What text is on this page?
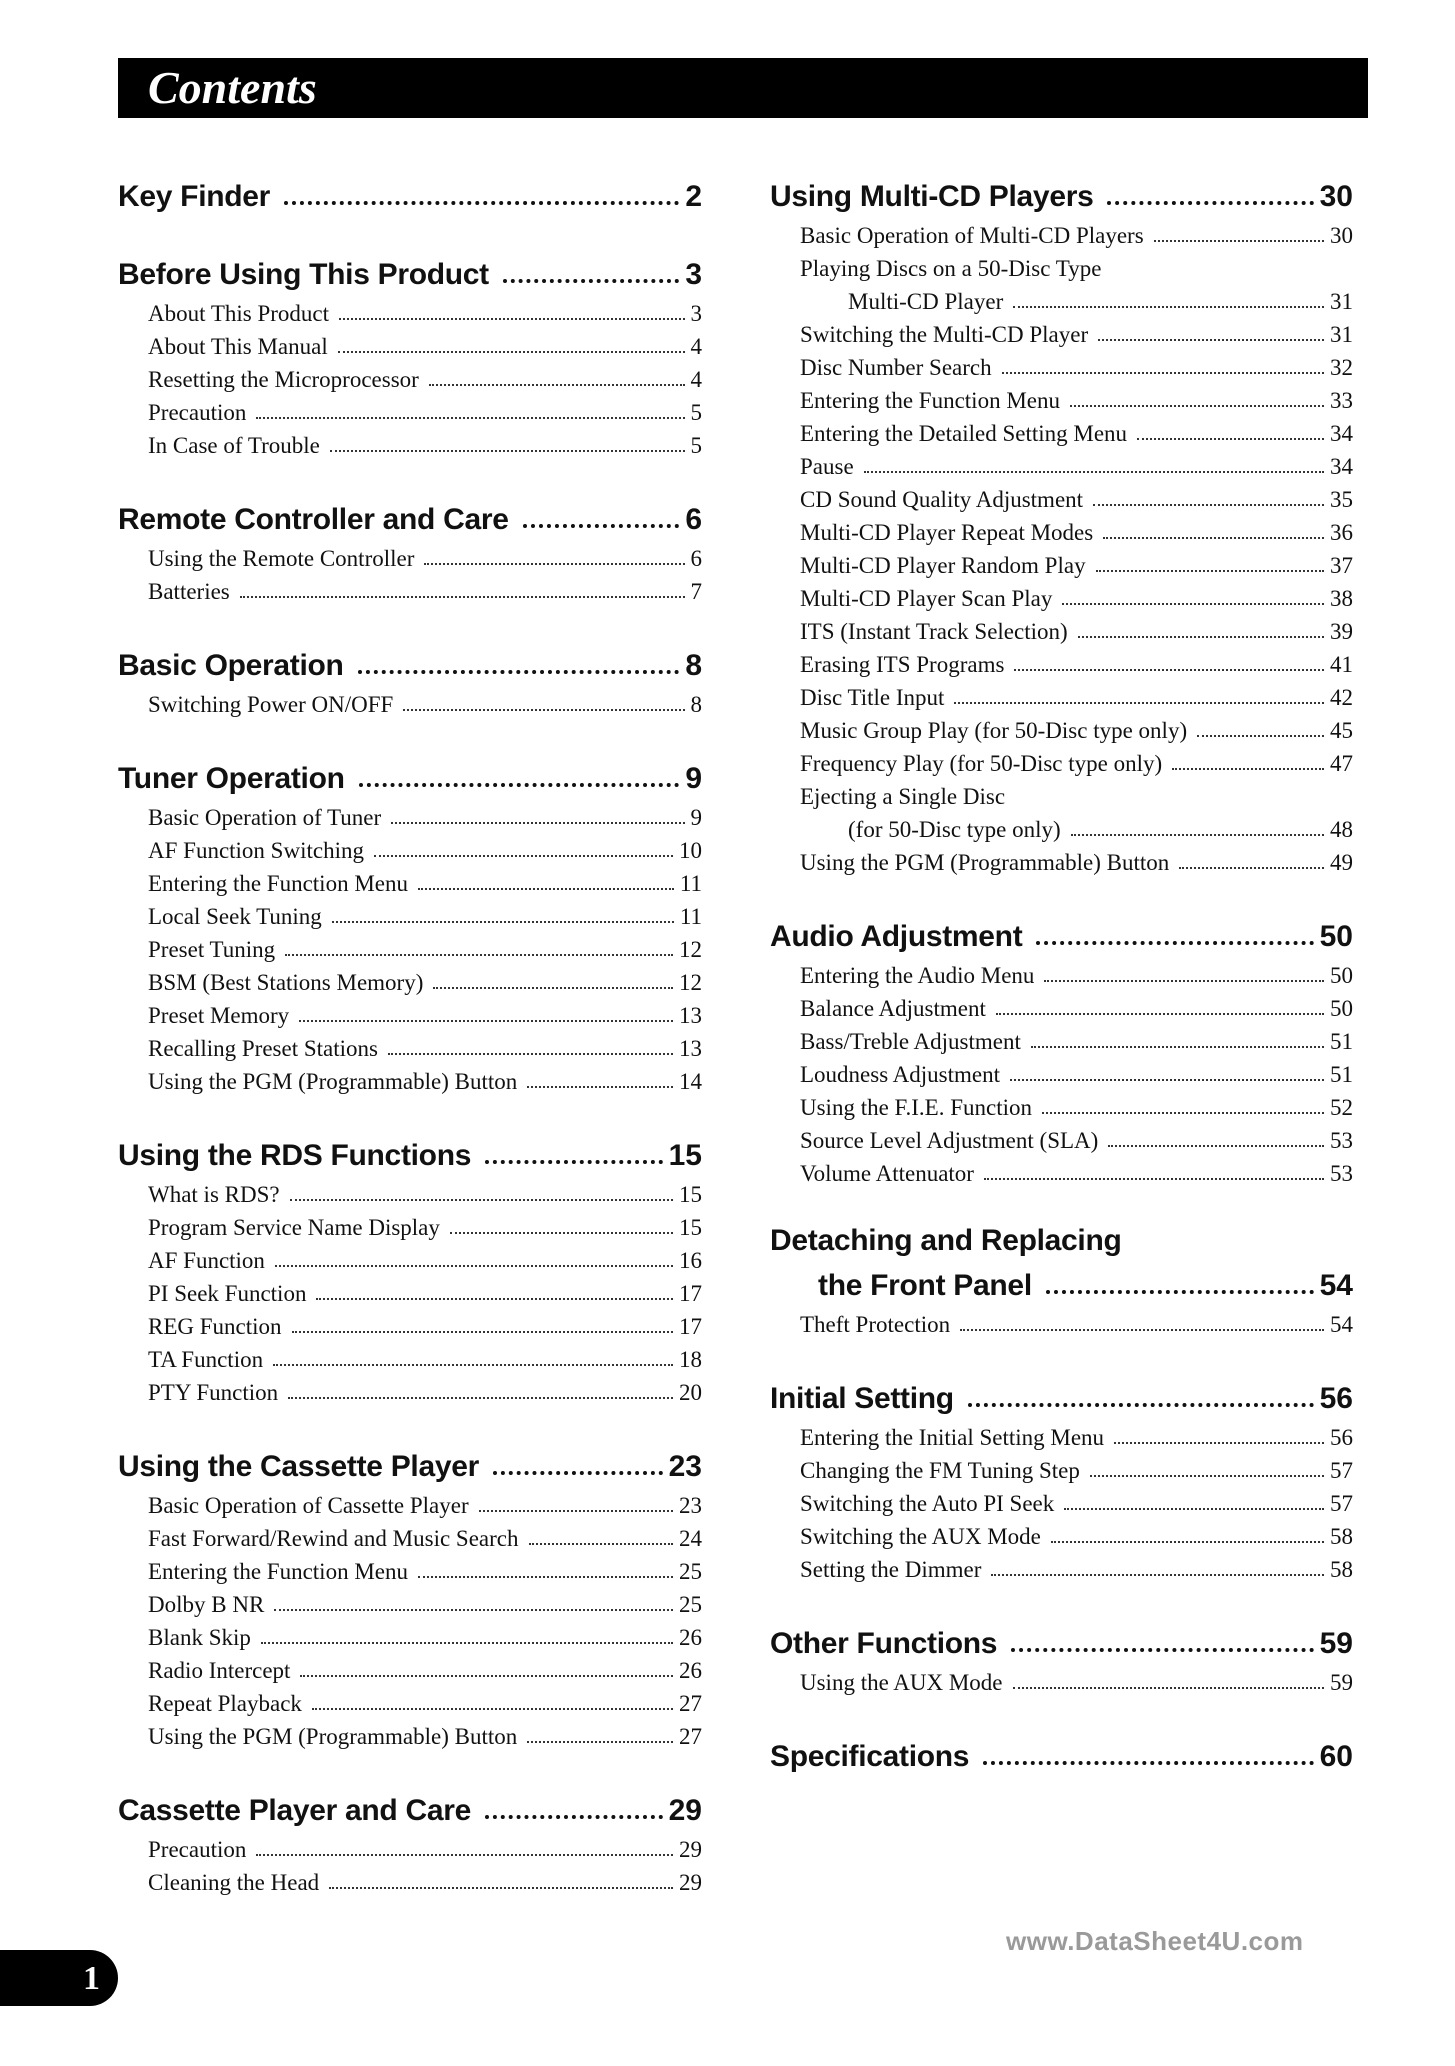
Contents
Key Finder	2
Before Using This Product	3
About This Product	3
About This Manual	4
Resetting the Microprocessor	4
Precaution	5
In Case of Trouble	5
Remote Controller and Care	6
Using the Remote Controller	6
Batteries	7
Basic Operation	8
Switching Power ON/OFF	8
Tuner Operation	9
Basic Operation of Tuner	9
AF Function Switching	10
Entering the Function Menu	11
Local Seek Tuning	11
Preset Tuning	12
BSM (Best Stations Memory)	12
Preset Memory	13
Recalling Preset Stations	13
Using the PGM (Programmable) Button	14
Using the RDS Functions	15
What is RDS?	15
Program Service Name Display	15
AF Function	16
PI Seek Function	17
REG Function	17
TA Function	18
PTY Function	20
Using the Cassette Player	23
Basic Operation of Cassette Player	23
Fast Forward/Rewind and Music Search	24
Entering the Function Menu	25
Dolby B NR	25
Blank Skip	26
Radio Intercept	26
Repeat Playback	27
Using the PGM (Programmable) Button	27
Cassette Player and Care	29
Precaution	29
Cleaning the Head	29
Using Multi-CD Players	30
Basic Operation of Multi-CD Players	30
Playing Discs on a 50-Disc Type
Multi-CD Player	31
Switching the Multi-CD Player	31
Disc Number Search	32
Entering the Function Menu	33
Entering the Detailed Setting Menu	34
Pause	34
CD Sound Quality Adjustment	35
Multi-CD Player Repeat Modes	36
Multi-CD Player Random Play	37
Multi-CD Player Scan Play	38
ITS (Instant Track Selection)	39
Erasing ITS Programs	41
Disc Title Input	42
Music Group Play (for 50-Disc type only)	45
Frequency Play (for 50-Disc type only)	47
Ejecting a Single Disc
(for 50-Disc type only)	48
Using the PGM (Programmable) Button	49
Audio Adjustment	50
Entering the Audio Menu	50
Balance Adjustment	50
Bass/Treble Adjustment	51
Loudness Adjustment	51
Using the F.I.E. Function	52
Source Level Adjustment (SLA)	53
Volume Attenuator	53
Detaching and Replacing
the Front Panel	54
Theft Protection	54
Initial Setting	56
Entering the Initial Setting Menu	56
Changing the FM Tuning Step	57
Switching the Auto PI Seek	57
Switching the AUX Mode	58
Setting the Dimmer	58
Other Functions	59
Using the AUX Mode	59
Specifications	60
www.DataSheet4U.com
1
